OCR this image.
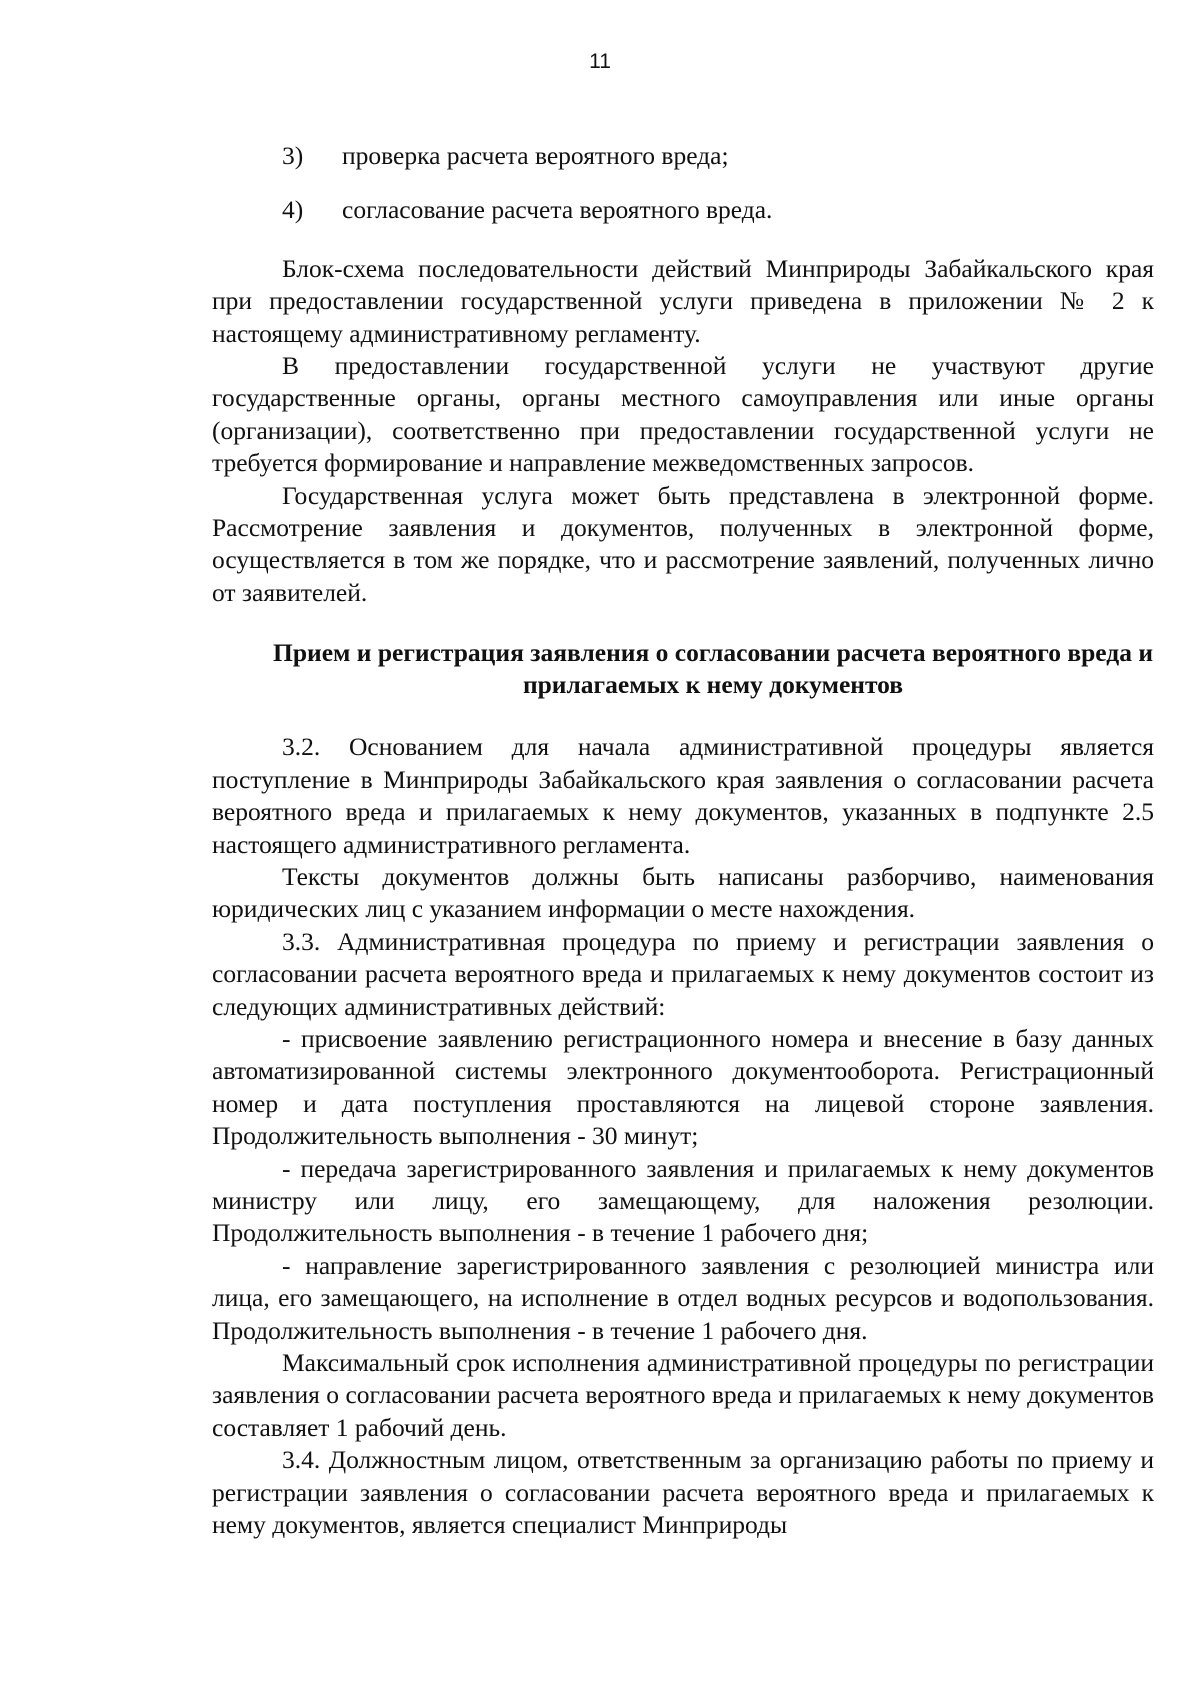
11
3)	проверка расчета вероятного вреда;
4)	согласование расчета вероятного вреда.

Блок-схема последовательности действий Минприроды Забайкальского края при предоставлении государственной услуги приведена в приложении № 2 к настоящему административному регламенту.

В предоставлении государственной услуги не участвуют другие государственные органы, органы местного самоуправления или иные органы (организации), соответственно при предоставлении государственной услуги не требуется формирование и направление межведомственных запросов.

Государственная услуга может быть представлена в электронной форме. Рассмотрение заявления и документов, полученных в электронной форме, осуществляется в том же порядке, что и рассмотрение заявлений, полученных лично от заявителей.

Прием и регистрация заявления о согласовании расчета вероятного вреда и прилагаемых к нему документов

3.2. Основанием для начала административной процедуры является поступление в Минприроды Забайкальского края заявления о согласовании расчета вероятного вреда и прилагаемых к нему документов, указанных в подпункте 2.5 настоящего административного регламента.

Тексты документов должны быть написаны разборчиво, наименования юридических лиц с указанием информации о месте нахождения.

3.3. Административная процедура по приему и регистрации заявления о согласовании расчета вероятного вреда и прилагаемых к нему документов состоит из следующих административных действий:

- присвоение заявлению регистрационного номера и внесение в базу данных автоматизированной системы электронного документооборота. Регистрационный номер и дата поступления проставляются на лицевой стороне заявления. Продолжительность выполнения - 30 минут;

- передача зарегистрированного заявления и прилагаемых к нему документов министру или лицу, его замещающему, для наложения резолюции. Продолжительность выполнения - в течение 1 рабочего дня;

- направление зарегистрированного заявления с резолюцией министра или лица, его замещающего, на исполнение в отдел водных ресурсов и водопользования. Продолжительность выполнения - в течение 1 рабочего дня.

Максимальный срок исполнения административной процедуры по регистрации заявления о согласовании расчета вероятного вреда и прилагаемых к нему документов составляет 1 рабочий день.

3.4. Должностным лицом, ответственным за организацию работы по приему и регистрации заявления о согласовании расчета вероятного вреда и прилагаемых к нему документов, является специалист Минприроды
